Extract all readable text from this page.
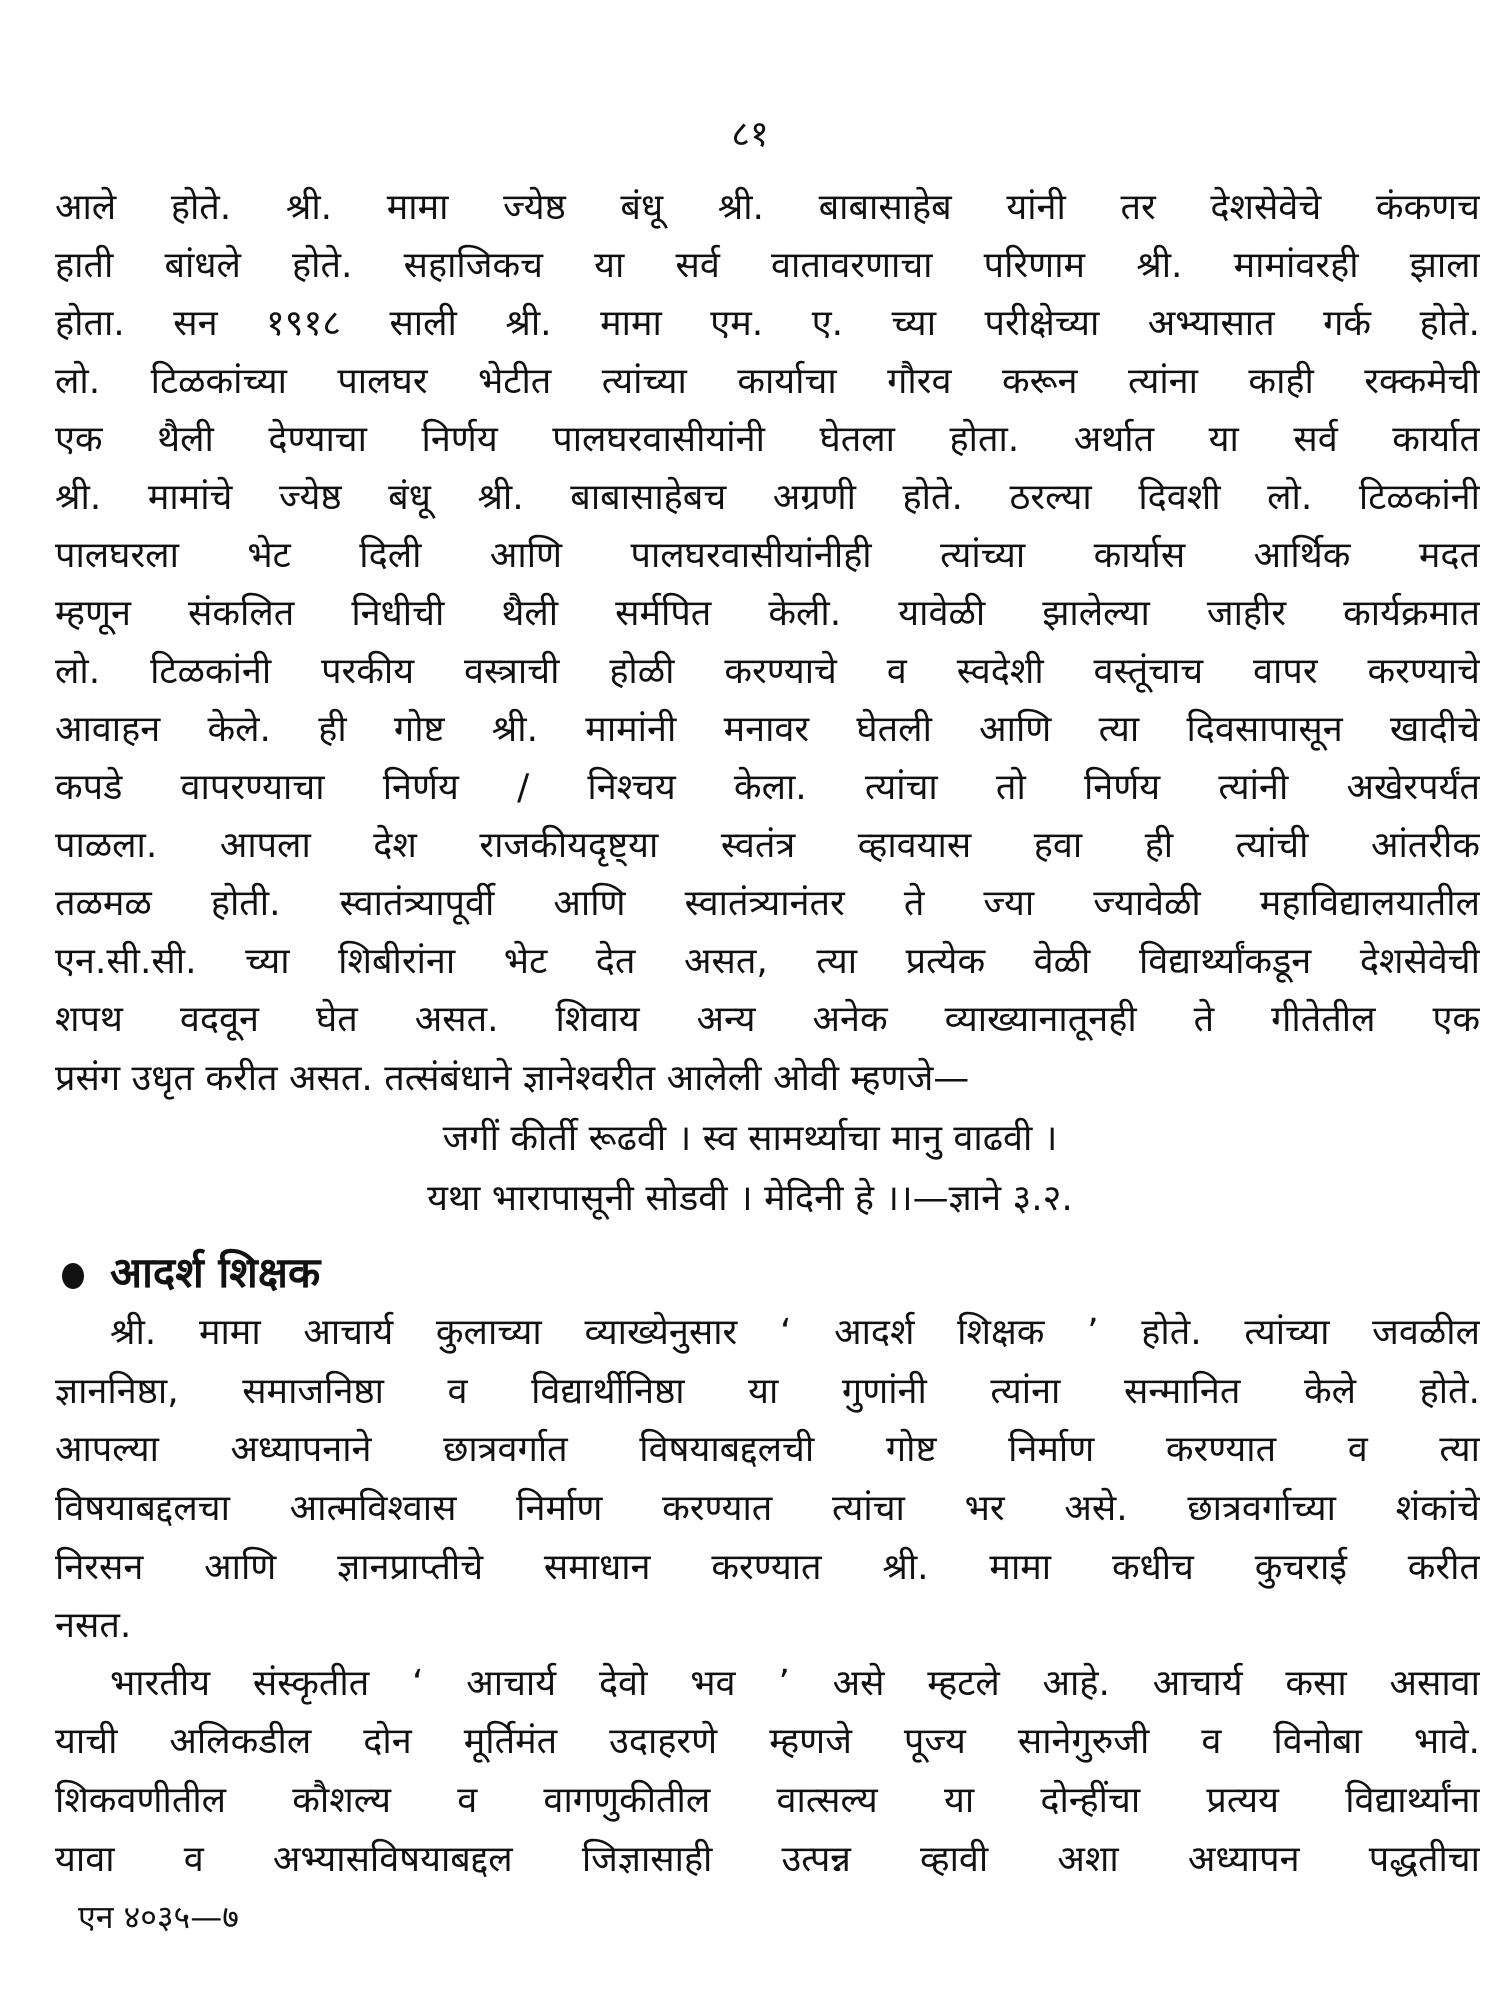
८१
आले होते. श्री. मामा ज्येष्ठ बंधू श्री. बाबासाहेब यांनी तर देशसेवेचे कंकणच
हाती बांधले होते. सहाजिकच या सर्व वातावरणाचा परिणाम श्री. मामांवरही झाला
होता. सन १९१८ साली श्री. मामा एम. ए. च्या परीक्षेच्या अभ्यासात गर्क होते.
लो. टिळकांच्या पालघर भेटीत त्यांच्या कार्याचा गौरव करून त्यांना काही रक्कमेची
एक थैली देण्याचा निर्णय पालघरवासीयांनी घेतला होता. अर्थात या सर्व कार्यात
श्री. मामांचे ज्येष्ठ बंधू श्री. बाबासाहेबच अग्रणी होते. ठरल्या दिवशी लो. टिळकांनी
पालघरला भेट दिली आणि पालघरवासीयांनीही त्यांच्या कार्यास आर्थिक मदत
म्हणून संकलित निधीची थैली सर्मपित केली. यावेळी झालेल्या जाहीर कार्यक्रमात
लो. टिळकांनी परकीय वस्त्राची होळी करण्याचे व स्वदेशी वस्तूंचाच वापर करण्याचे
आवाहन केले. ही गोष्ट श्री. मामांनी मनावर घेतली आणि त्या दिवसापासून खादीचे
कपडे वापरण्याचा निर्णय / निश्चय केला. त्यांचा तो निर्णय त्यांनी अखेरपर्यंत
पाळला. आपला देश राजकीयदृष्ट्या स्वतंत्र व्हावयास हवा ही त्यांची आंतरीक
तळमळ होती. स्वातंत्र्यापूर्वी आणि स्वातंत्र्यानंतर ते ज्या ज्यावेळी महाविद्यालयातील
एन.सी.सी. च्या शिबीरांना भेट देत असत, त्या प्रत्येक वेळी विद्यार्थ्यांकडून देशसेवेची
शपथ वदवून घेत असत. शिवाय अन्य अनेक व्याख्यानातूनही ते गीतेतील एक
प्रसंग उधृत करीत असत. तत्संबंधाने ज्ञानेश्वरीत आलेली ओवी म्हणजे—
जगीं कीर्ती रूढवी । स्व सामर्थ्याचा मानु वाढवी ।
यथा भारापासूनी सोडवी । मेदिनी हे ।।—ज्ञाने ३.२.
आदर्श शिक्षक
श्री. मामा आचार्य कुलाच्या व्याख्येनुसार ‘ आदर्श शिक्षक ’ होते. त्यांच्या जवळील
ज्ञाननिष्ठा, समाजनिष्ठा व विद्यार्थीनिष्ठा या गुणांनी त्यांना सन्मानित केले होते.
आपल्या अध्यापनाने छात्रवर्गात विषयाबद्दलची गोष्ट निर्माण करण्यात व त्या
विषयाबद्दलचा आत्मविश्वास निर्माण करण्यात त्यांचा भर असे. छात्रवर्गाच्या शंकांचे
निरसन आणि ज्ञानप्राप्तीचे समाधान करण्यात श्री. मामा कधीच कुचराई करीत
नसत.
भारतीय संस्कृतीत ‘ आचार्य देवो भव ’ असे म्हटले आहे. आचार्य कसा असावा
याची अलिकडील दोन मूर्तिमंत उदाहरणे म्हणजे पूज्य सानेगुरुजी व विनोबा भावे.
शिकवणीतील कौशल्य व वागणुकीतील वात्सल्य या दोन्हींचा प्रत्यय विद्यार्थ्यांना
यावा व अभ्यासविषयाबद्दल जिज्ञासाही उत्पन्न व्हावी अशा अध्यापन पद्धतीचा
एन ४०३५—७
